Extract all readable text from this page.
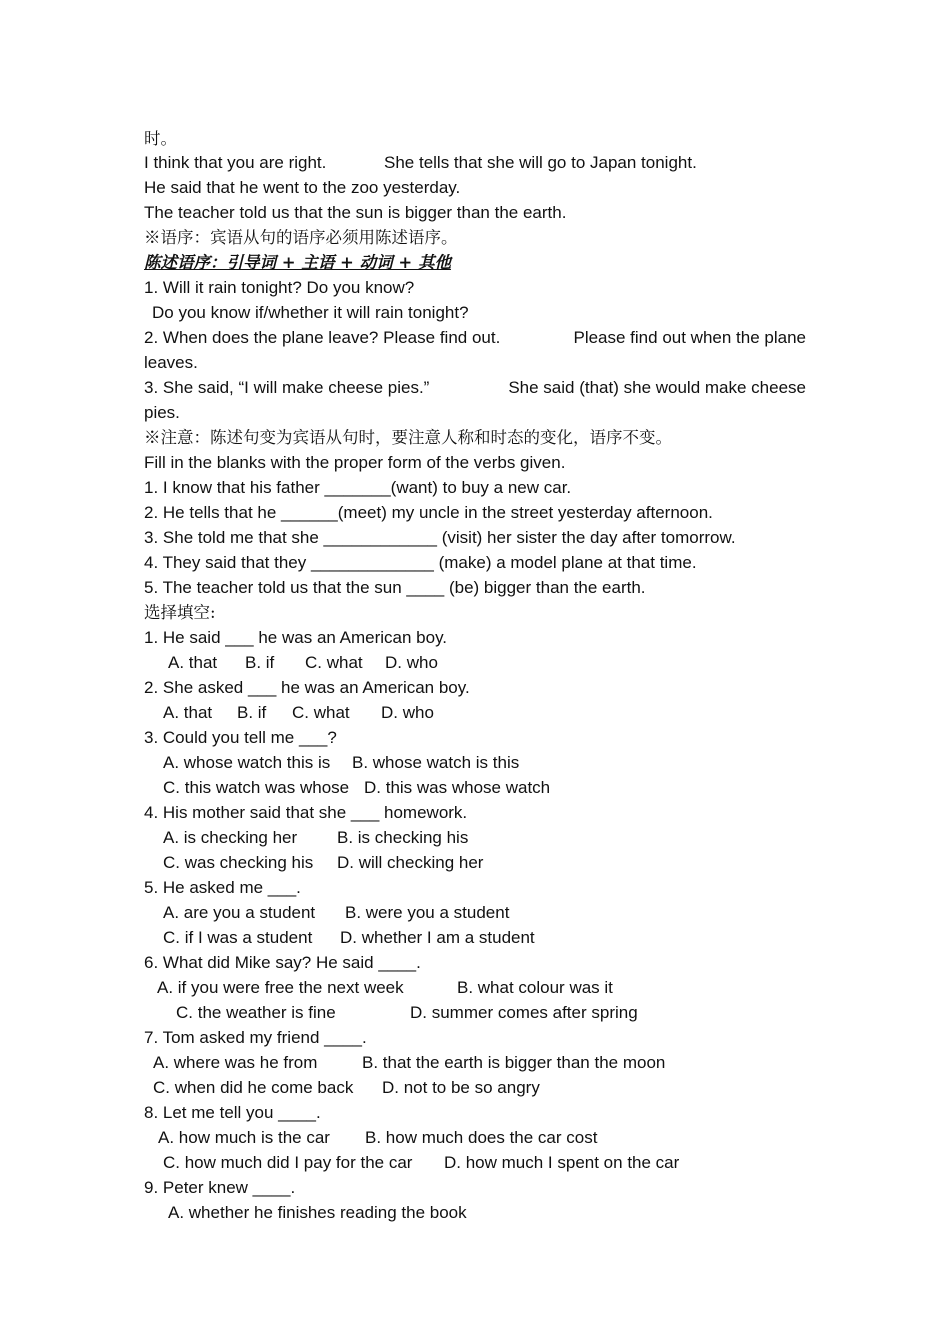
时。
I think that you are right.	She tells that she will go to Japan tonight.
He said that he went to the zoo yesterday.
The teacher told us that the sun is bigger than the earth.
※语序：宾语从句的语序必须用陈述语序。
陈述语序：引导词 + 主语 + 动词 + 其他
1. Will it rain tonight? Do you know?
Do you know if/whether it will rain tonight?
2. When does the plane leave? Please find out.	Please find out when the plane
leaves.
3. She said, “I will make cheese pies.”	She said (that) she would make cheese
pies.
※注意：陈述句变为宾语从句时，要注意人称和时态的变化，语序不变。
Fill in the blanks with the proper form of the verbs given.
1. I know that his father _______(want) to buy a new car.
2. He tells that he ______(meet) my uncle in the street yesterday afternoon.
3. She told me that she ____________ (visit) her sister the day after tomorrow.
4. They said that they _____________ (make) a model plane at that time.
5. The teacher told us that the sun ____ (be) bigger than the earth.
选择填空:
1. He said ___ he was an American boy.
A. that B. if C. what D. who
2. She asked ___ he was an American boy.
A. that B. if C. what D. who
3. Could you tell me ___?
A. whose watch this is B. whose watch is this
C. this watch was whose D. this was whose watch
4. His mother said that she ___ homework.
A. is checking her B. is checking his
C. was checking his D. will checking her
5. He asked me ___.
A. are you a student B. were you a student
C. if I was a student D. whether I am a student
6. What did Mike say? He said ____.
A. if you were free the next week	B. what colour was it
C. the weather is fine	D. summer comes after spring
7. Tom asked my friend ____.
A. where was he from	B. that the earth is bigger than the moon
C. when did he come back D. not to be so angry
8. Let me tell you ____.
A. how much is the car B. how much does the car cost
C. how much did I pay for the car D. how much I spent on the car
9. Peter knew ____.
A. whether he finishes reading the book
